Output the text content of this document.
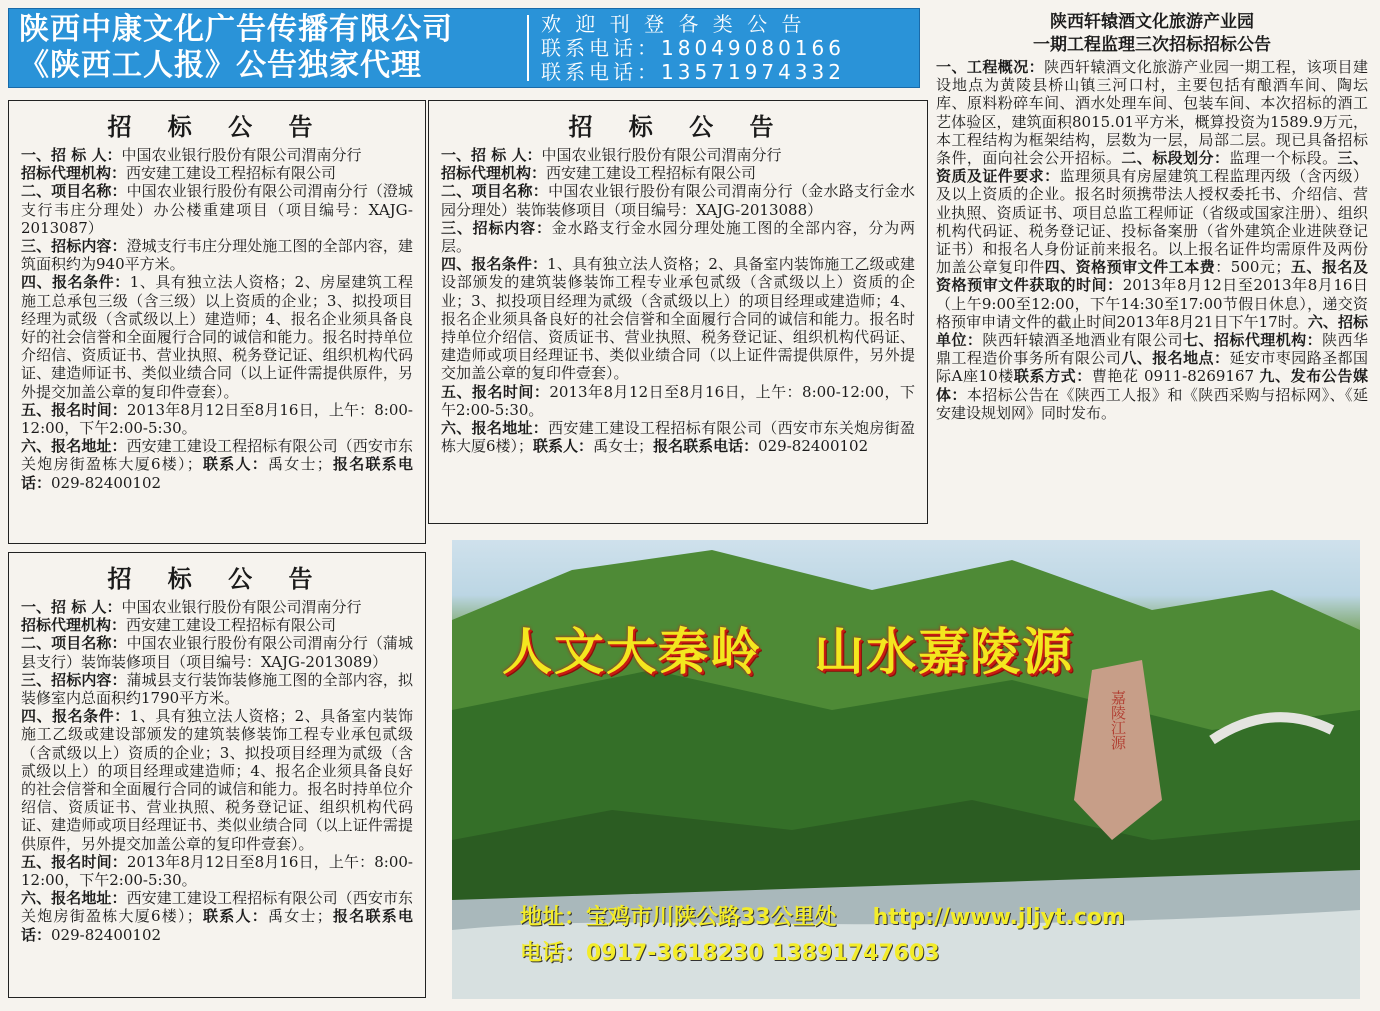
陕西中康文化广告传播有限公司
《陕西工人报》公告独家代理
欢 迎 刊 登 各 类 公 告
联系电话：18049080166
联系电话：13571974332
招 标 公 告

一、招 标 人：中国农业银行股份有限公司渭南分行

招标代理机构：西安建工建设工程招标有限公司

二、项目名称：中国农业银行股份有限公司渭南分行（澄城支行韦庄分理处）办公楼重建项目（项目编号：XAJG-2013087）

三、招标内容：澄城支行韦庄分理处施工图的全部内容，建筑面积约为940平方米。

四、报名条件：1、具有独立法人资格；2、房屋建筑工程施工总承包三级（含三级）以上资质的企业；3、拟投项目经理为贰级（含贰级以上）建造师；4、报名企业须具备良好的社会信誉和全面履行合同的诚信和能力。报名时持单位介绍信、资质证书、营业执照、税务登记证、组织机构代码证、建造师证书、类似业绩合同（以上证件需提供原件，另外提交加盖公章的复印件壹套）。

五、报名时间：2013年8月12日至8月16日，上午：8:00-12:00，下午2:00-5:30。

六、报名地址：西安建工建设工程招标有限公司（西安市东关炮房街盈栋大厦6楼）；联系人：禹女士；报名联系电话：029-82400102

招 标 公 告

一、招 标 人：中国农业银行股份有限公司渭南分行

招标代理机构：西安建工建设工程招标有限公司

二、项目名称：中国农业银行股份有限公司渭南分行（金水路支行金水园分理处）装饰装修项目（项目编号：XAJG-2013088）

三、招标内容：金水路支行金水园分理处施工图的全部内容，分为两层。

四、报名条件：1、具有独立法人资格；2、具备室内装饰施工乙级或建设部颁发的建筑装修装饰工程专业承包贰级（含贰级以上）资质的企业；3、拟投项目经理为贰级（含贰级以上）的项目经理或建造师；4、报名企业须具备良好的社会信誉和全面履行合同的诚信和能力。报名时持单位介绍信、资质证书、营业执照、税务登记证、组织机构代码证、建造师或项目经理证书、类似业绩合同（以上证件需提供原件，另外提交加盖公章的复印件壹套）。

五、报名时间：2013年8月12日至8月16日，上午：8:00-12:00，下午2:00-5:30。

六、报名地址：西安建工建设工程招标有限公司（西安市东关炮房街盈栋大厦6楼）；联系人：禹女士；报名联系电话：029-82400102

招 标 公 告

一、招 标 人：中国农业银行股份有限公司渭南分行

招标代理机构：西安建工建设工程招标有限公司

二、项目名称：中国农业银行股份有限公司渭南分行（蒲城县支行）装饰装修项目（项目编号：XAJG-2013089）

三、招标内容：蒲城县支行装饰装修施工图的全部内容，拟装修室内总面积约1790平方米。

四、报名条件：1、具有独立法人资格；2、具备室内装饰施工乙级或建设部颁发的建筑装修装饰工程专业承包贰级（含贰级以上）资质的企业；3、拟投项目经理为贰级（含贰级以上）的项目经理或建造师；4、报名企业须具备良好的社会信誉和全面履行合同的诚信和能力。报名时持单位介绍信、资质证书、营业执照、税务登记证、组织机构代码证、建造师或项目经理证书、类似业绩合同（以上证件需提供原件，另外提交加盖公章的复印件壹套）。

五、报名时间：2013年8月12日至8月16日，上午：8:00-12:00，下午2:00-5:30。

六、报名地址：西安建工建设工程招标有限公司（西安市东关炮房街盈栋大厦6楼）；联系人：禹女士；报名联系电话：029-82400102

陕西轩辕酒文化旅游产业园
一期工程监理三次招标招标公告

一、工程概况：陕西轩辕酒文化旅游产业园一期工程，该项目建设地点为黄陵县桥山镇三河口村，主要包括有酿酒车间、陶坛库、原料粉碎车间、酒水处理车间、包装车间、本次招标的酒工艺体验区，建筑面积8015.01平方米，概算投资为1589.9万元，本工程结构为框架结构，层数为一层，局部二层。现已具备招标条件，面向社会公开招标。二、标段划分：监理一个标段。三、资质及证件要求：监理须具有房屋建筑工程监理丙级（含丙级）及以上资质的企业。报名时须携带法人授权委托书、介绍信、营业执照、资质证书、项目总监工程师证（省级或国家注册）、组织机构代码证、税务登记证、投标备案册（省外建筑企业进陕登记证书）和报名人身份证前来报名。以上报名证件均需原件及两份加盖公章复印件四、资格预审文件工本费：500元；五、报名及资格预审文件获取的时间：2013年8月12日至2013年8月16日（上午9:00至12:00，下午14:30至17:00节假日休息），递交资格预审申请文件的截止时间2013年8月21日下午17时。六、招标单位：陕西轩辕酒圣地酒业有限公司七、招标代理机构：陕西华鼎工程造价事务所有限公司八、报名地点：延安市枣园路圣都国际A座10楼联系方式：曹艳花 0911-8269167 九、发布公告媒体：本招标公告在《陕西工人报》和《陕西采购与招标网》、《延安建设规划网》同时发布。

嘉陵江源
人文大秦岭 山水嘉陵源
地址：宝鸡市川陕公路33公里处 http://www.jljyt.com
电话：0917-3618230 13891747603
